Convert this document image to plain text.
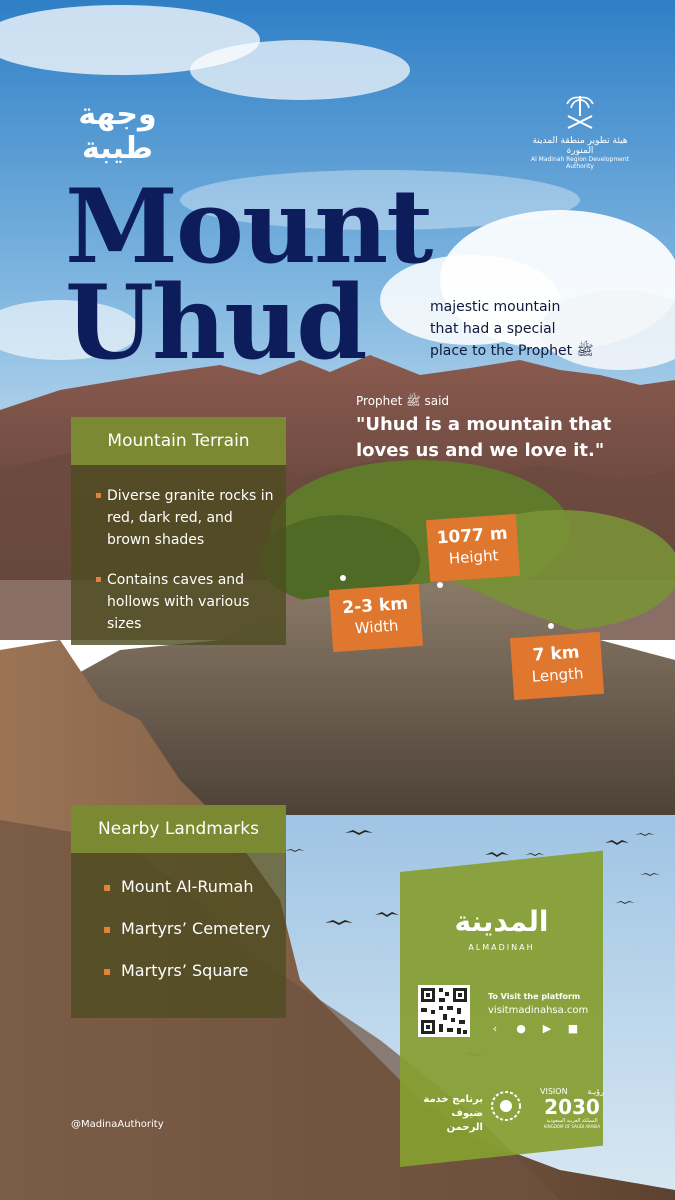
وجهة
طيبة	هيئة تطوير منطقة المدينة المنورة
Al Madinah Region Development Authority
Mount
Uhud	majestic mountain
that had a special
place to the Prophet ﷺ
Prophet ﷺ said
"Uhud is a mountain that
loves us and we love it."
Mountain Terrain
▪ Diverse granite rocks in red, dark red, and brown shades
▪ Contains caves and hollows with various sizes
1077 m
Height
2-3 km
Width
7 km
Length
Nearby Landmarks
▪ Mount Al-Rumah
▪ Martyrs’ Cemetery
▪ Martyrs’ Square
المدينة
ALMADINAH
To Visit the platform
visitmadinahsa.com
‹	● ▶ ■
برنامج خدمة
ضيوف الرحمن
VISION رؤيـة
2030
المملكة العربية السعودية
KINGDOM OF SAUDI ARABIA
@MadinaAuthority
